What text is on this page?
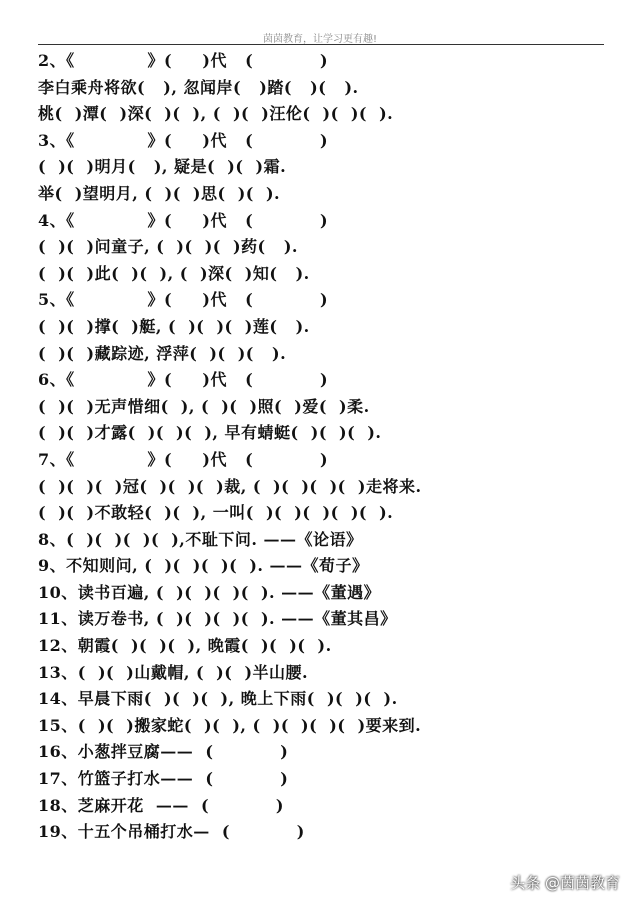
茵茵教育，让学习更有趣!
2、《            》(     )代   (           )
李白乘舟将欲(   ), 忽闻岸(   )踏(   )(   ).
桃(  )潭(  )深(  )(  ), (  )(  )汪伦(  )(  )(  ).
3、《            》(     )代   (           )
(  )(  )明月(   ), 疑是(  )(  )霜.
举(  )望明月, (  )(  )思(  )(  ).
4、《            》(     )代   (           )
(  )(  )问童子, (  )(  )(  )药(   ).
(  )(  )此(  )(  ), (  )深(  )知(   ).
5、《            》(     )代   (           )
(  )(  )撑(  )艇, (  )(  )(  )莲(   ).
(  )(  )藏踪迹, 浮萍(  )(  )(   ).
6、《            》(     )代   (           )
(  )(  )无声惜细(  ), (  )(  )照(  )爱(  )柔.
(  )(  )才露(  )(  )(  ), 早有蜻蜓(  )(  )(  ).
7、《            》(     )代   (           )
(  )(  )(  )冠(  )(  )(  )裁, (  )(  )(  )(  )走将来.
(  )(  )不敢轻(  )(  ), 一叫(  )(  )(  )(  )(  ).
8、(  )(  )(  )(  ),不耻下问. ——《论语》
9、不知则问, (  )(  )(  )(  ). ——《荀子》
10、读书百遍, (  )(  )(  )(  ). ——《董遇》
11、读万卷书, (  )(  )(  )(  ). ——《董其昌》
12、朝霞(  )(  )(  ), 晚霞(  )(  )(  ).
13、(  )(  )山戴帽, (  )(  )半山腰.
14、早晨下雨(  )(  )(  ), 晚上下雨(  )(  )(  ).
15、(  )(  )搬家蛇(  )(  ), (  )(  )(  )(  )要来到.
16、小葱拌豆腐——  (           )
17、竹篮子打水——  (           )
18、芝麻开花  ——  (           )
19、十五个吊桶打水—  (           )
头条 @茵茵教育
